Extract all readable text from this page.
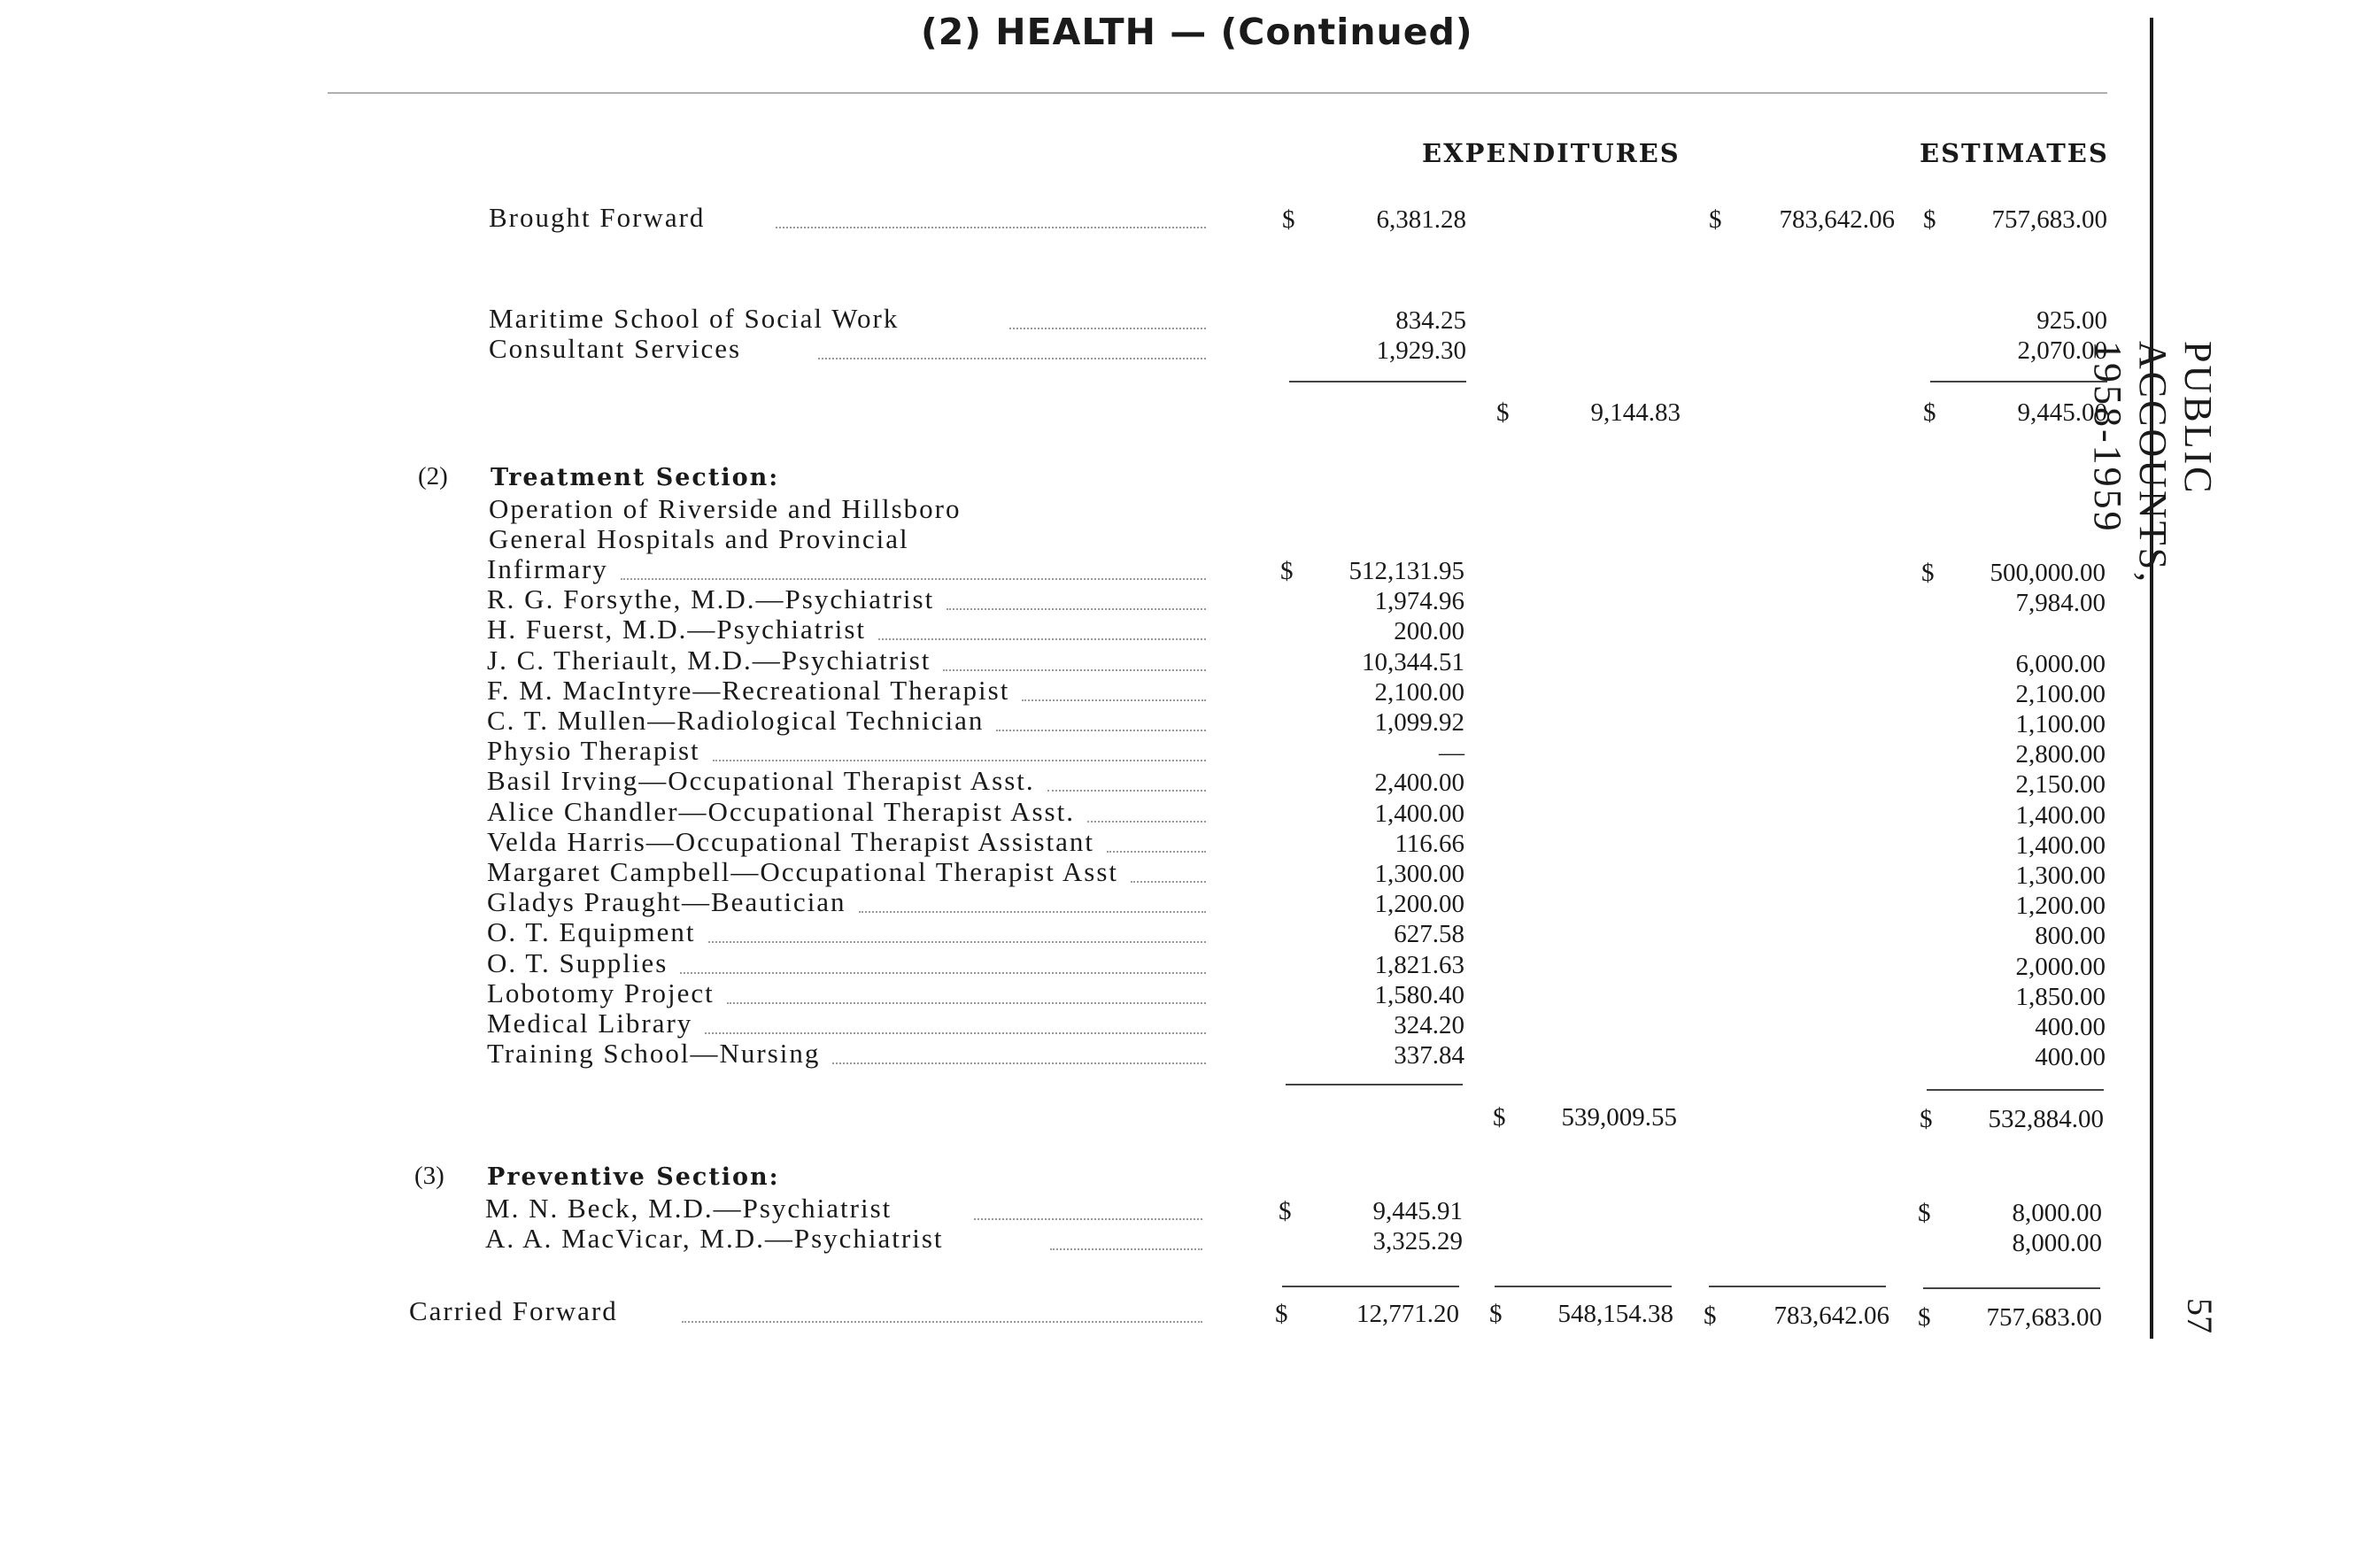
(2) HEALTH — (Continued)
EXPENDITURES	ESTIMATES
Brought Forward	$	6,381.28	$	783,642.06 $	757,683.00
Maritime School of Social Work	834.25	925.00
Consultant Services	1,929.30	2,070.00
$	9,144.83	$	9,445.00
(2) Treatment Section:
Operation of Riverside and Hillsboro
General Hospitals and Provincial
Infirmary	$	512,131.95	$	500,000.00
R. G. Forsythe, M.D.—Psychiatrist	1,974.96	7,984.00
H. Fuerst, M.D.—Psychiatrist	200.00
J. C. Theriault, M.D.—Psychiatrist	10,344.51	6,000.00
F. M. MacIntyre—Recreational Therapist	2,100.00	2,100.00
C. T. Mullen—Radiological Technician	1,099.92	1,100.00
Physio Therapist	—	2,800.00
Basil Irving—Occupational Therapist Asst.	2,400.00	2,150.00
Alice Chandler—Occupational Therapist Asst.	1,400.00	1,400.00
Velda Harris—Occupational Therapist Assistant	116.66	1,400.00
Margaret Campbell—Occupational Therapist Asst	1,300.00	1,300.00
Gladys Praught—Beautician	1,200.00	1,200.00
O. T. Equipment	627.58	800.00
O. T. Supplies	1,821.63	2,000.00
Lobotomy Project	1,580.40	1,850.00
Medical Library	324.20	400.00
Training School—Nursing	337.84	400.00
$	539,009.55	$	532,884.00
(3) Preventive Section:
M. N. Beck, M.D.—Psychiatrist	$	9,445.91	$	8,000.00
A. A. MacVicar, M.D.—Psychiatrist	3,325.29	8,000.00
Carried Forward	$	12,771.20 $	548,154.38 $	783,642.06 $	757,683.00
PUBLIC ACCOUNTS, 1958-1959
57
